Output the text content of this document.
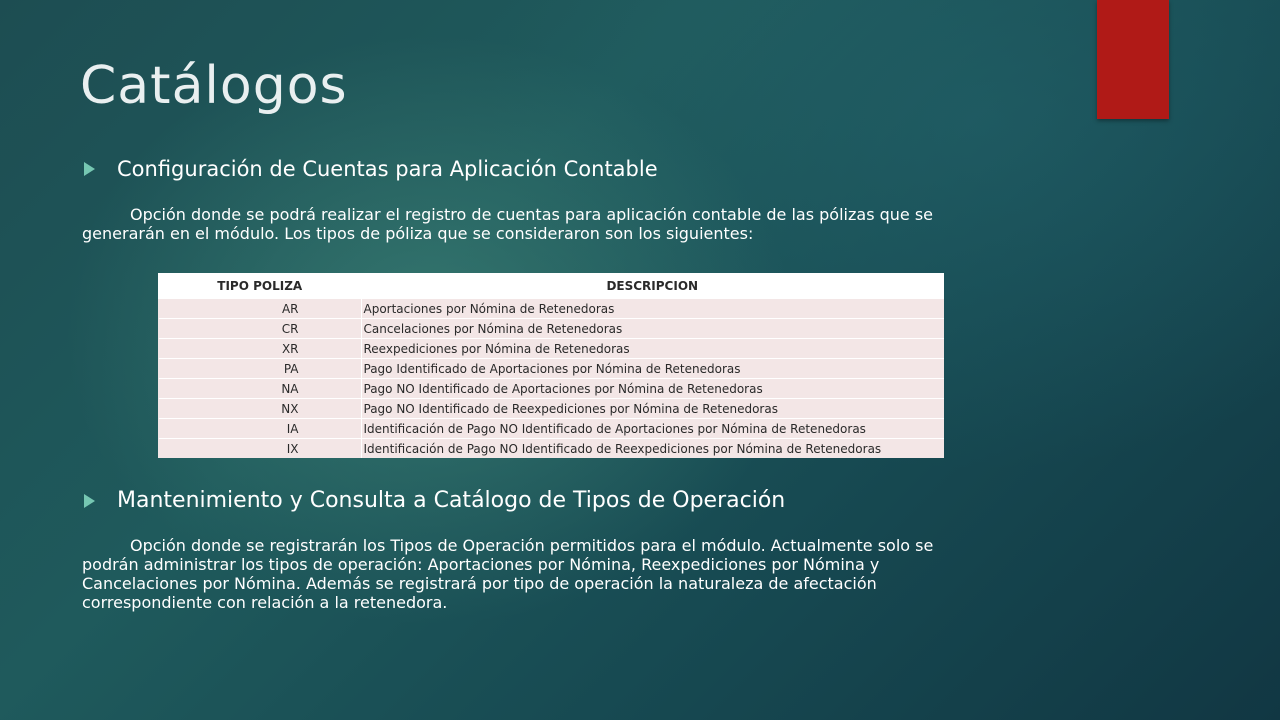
Catálogos
Configuración de Cuentas para Aplicación Contable

Opción donde se podrá realizar el registro de cuentas para aplicación contable de las pólizas que se generarán en el módulo. Los tipos de póliza que se consideraron son los siguientes:

TIPO POLIZA	DESCRIPCION
AR	Aportaciones por Nómina de Retenedoras
CR	Cancelaciones por Nómina de Retenedoras
XR	Reexpediciones por Nómina de Retenedoras
PA	Pago Identificado de Aportaciones por Nómina de Retenedoras
NA	Pago NO Identificado de Aportaciones por Nómina de Retenedoras
NX	Pago NO Identificado de Reexpediciones por Nómina de Retenedoras
IA	Identificación de Pago NO Identificado de Aportaciones por Nómina de Retenedoras
IX	Identificación de Pago NO Identificado de Reexpediciones por Nómina de Retenedoras
Mantenimiento y Consulta a Catálogo de Tipos de Operación

Opción donde se registrarán los Tipos de Operación permitidos para el módulo. Actualmente solo se podrán administrar los tipos de operación: Aportaciones por Nómina, Reexpediciones por Nómina y Cancelaciones por Nómina. Además se registrará por tipo de operación la naturaleza de afectación correspondiente con relación a la retenedora.
